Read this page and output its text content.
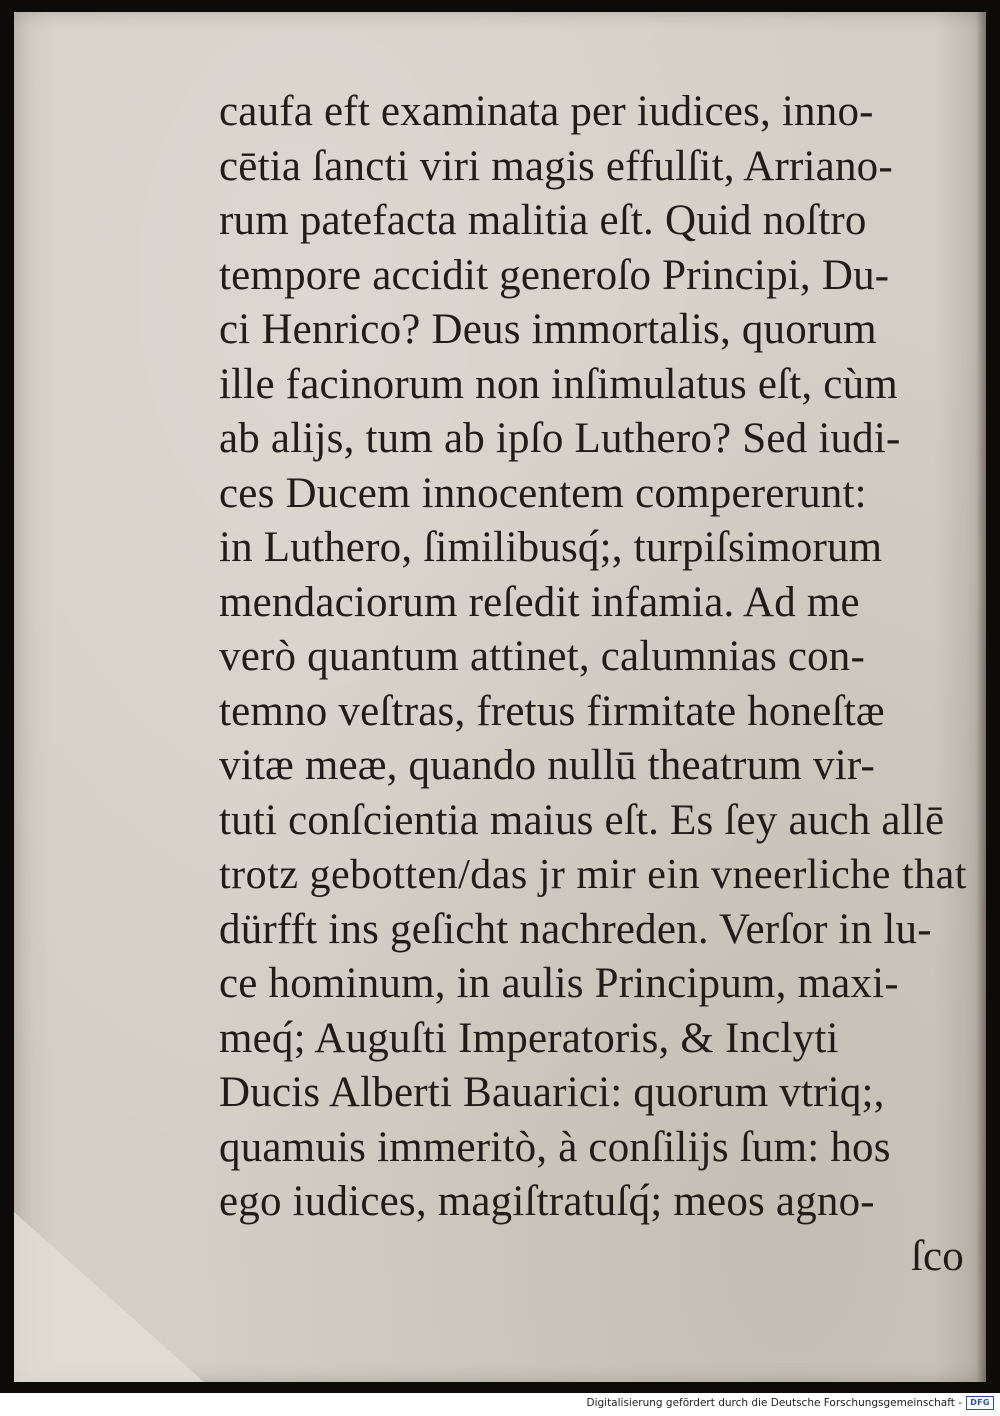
caufa eft examinata per iudices, inno-
cētia ſancti viri magis effulſit, Arriano-
rum patefacta malitia eſt. Quid noſtro
tempore accidit generoſo Principi, Du-
ci Henrico? Deus immortalis, quorum
ille facinorum non inſimulatus eſt, cùm
ab alijs, tum ab ipſo Luthero? Sed iudi-
ces Ducem innocentem compererunt:
in Luthero, ſimilibusq́;, turpiſsimorum
mendaciorum reſedit infamia. Ad me
verò quantum attinet, calumnias con-
temno veſtras, fretus firmitate honeſtæ
vitæ meæ, quando nullū theatrum vir-
tuti conſcientia maius eſt. Es ſey auch allē
trotz gebotten/das jr mir ein vneerliche that
dürfft ins geſicht nachreden. Verſor in lu-
ce hominum, in aulis Principum, maxi-
meq́; Auguſti Imperatoris, & Inclyti
Ducis Alberti Bauarici: quorum vtriq;,
quamuis immeritò, à conſilijs ſum: hos
ego iudices, magiſtratuſq́; meos agno-
ſco
Digitalisierung gefördert durch die Deutsche Forschungsgemeinschaft -	DFG
